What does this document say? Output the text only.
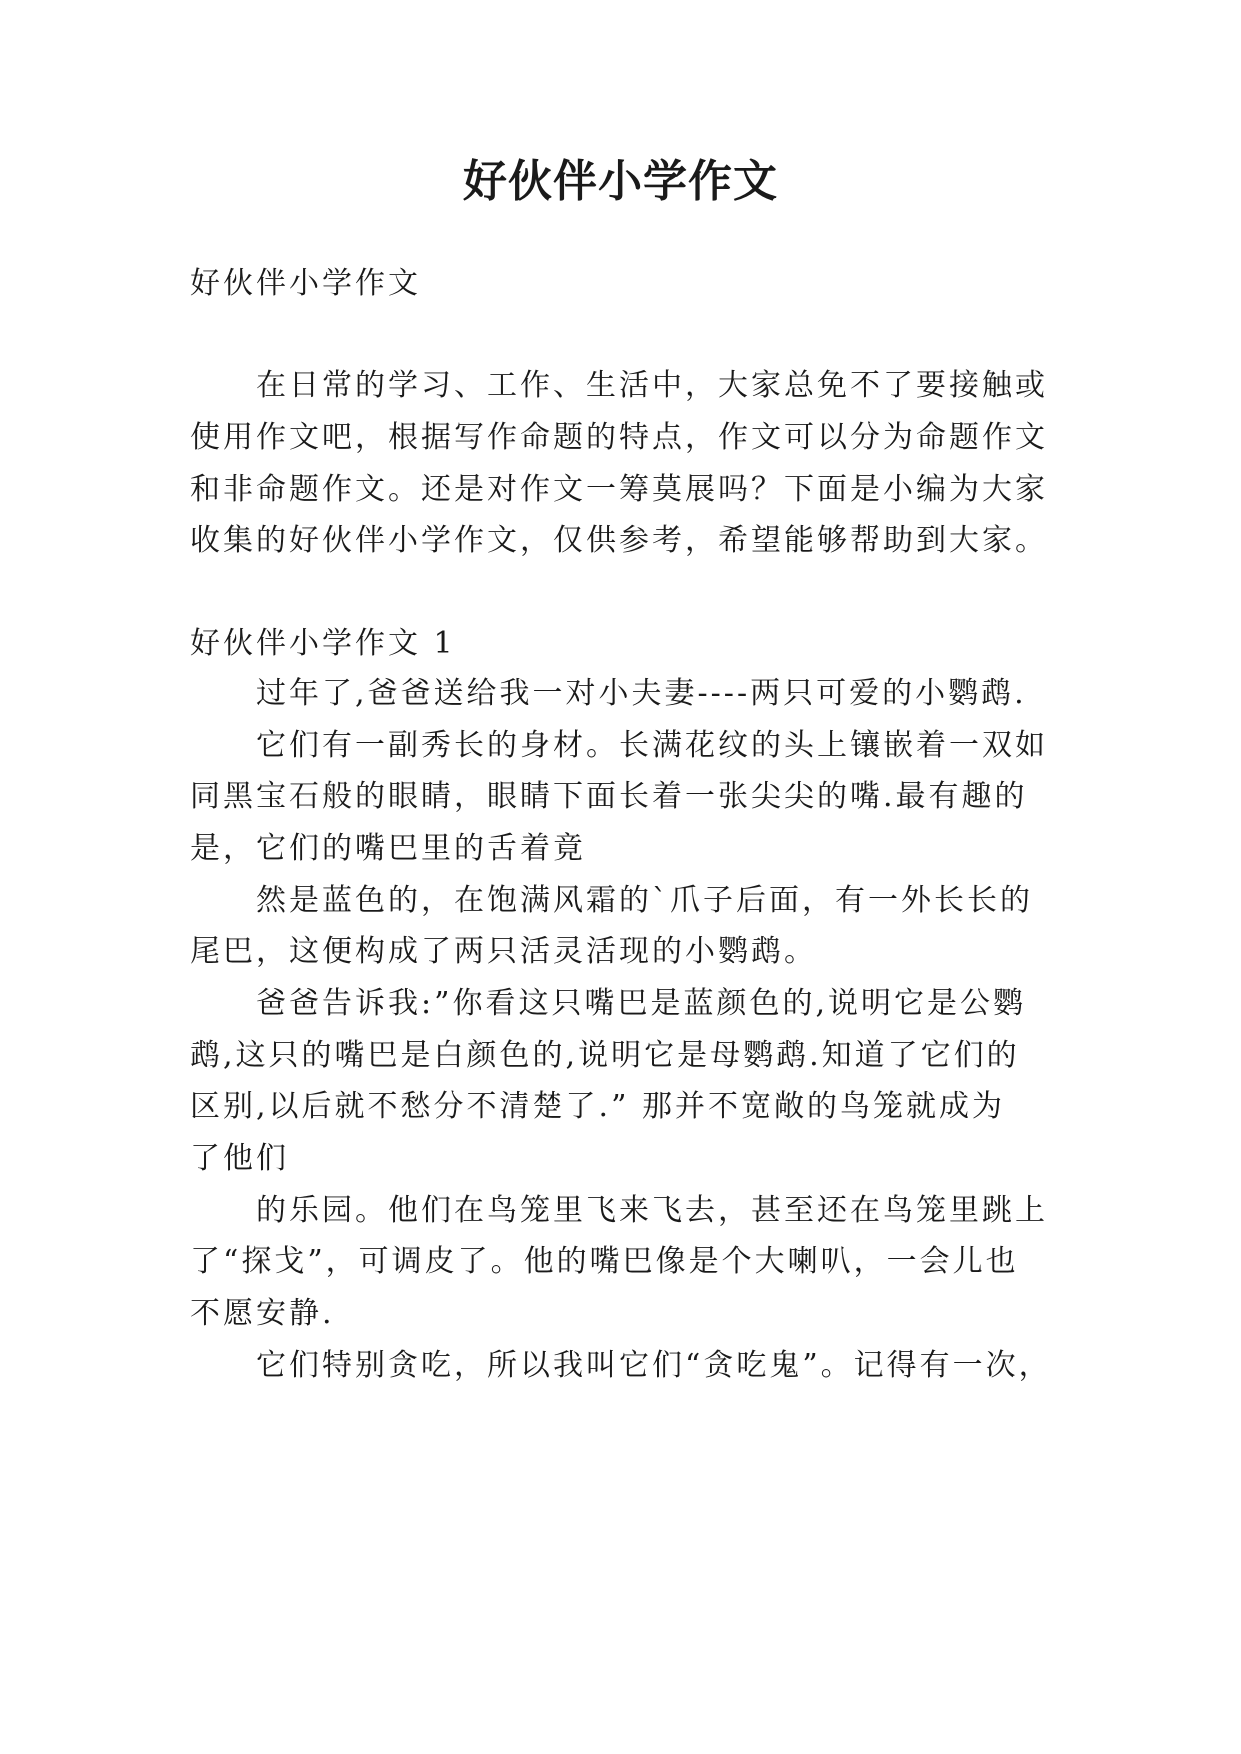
好伙伴小学作文
好伙伴小学作文
在日常的学习、工作、生活中，大家总免不了要接触或
使用作文吧，根据写作命题的特点，作文可以分为命题作文
和非命题作文。还是对作文一筹莫展吗？下面是小编为大家
收集的好伙伴小学作文，仅供参考，希望能够帮助到大家。
好伙伴小学作文 1
过年了,爸爸送给我一对小夫妻----两只可爱的小鹦鹉.
它们有一副秀长的身材。长满花纹的头上镶嵌着一双如
同黑宝石般的眼睛，眼睛下面长着一张尖尖的嘴.最有趣的
是，它们的嘴巴里的舌着竟
然是蓝色的，在饱满风霜的`爪子后面，有一外长长的
尾巴，这便构成了两只活灵活现的小鹦鹉。
爸爸告诉我:”你看这只嘴巴是蓝颜色的,说明它是公鹦
鹉,这只的嘴巴是白颜色的,说明它是母鹦鹉.知道了它们的
区别,以后就不愁分不清楚了.” 那并不宽敞的鸟笼就成为
了他们
的乐园。他们在鸟笼里飞来飞去，甚至还在鸟笼里跳上
了“探戈”，可调皮了。他的嘴巴像是个大喇叭，一会儿也
不愿安静.
它们特别贪吃，所以我叫它们“贪吃鬼”。记得有一次，
